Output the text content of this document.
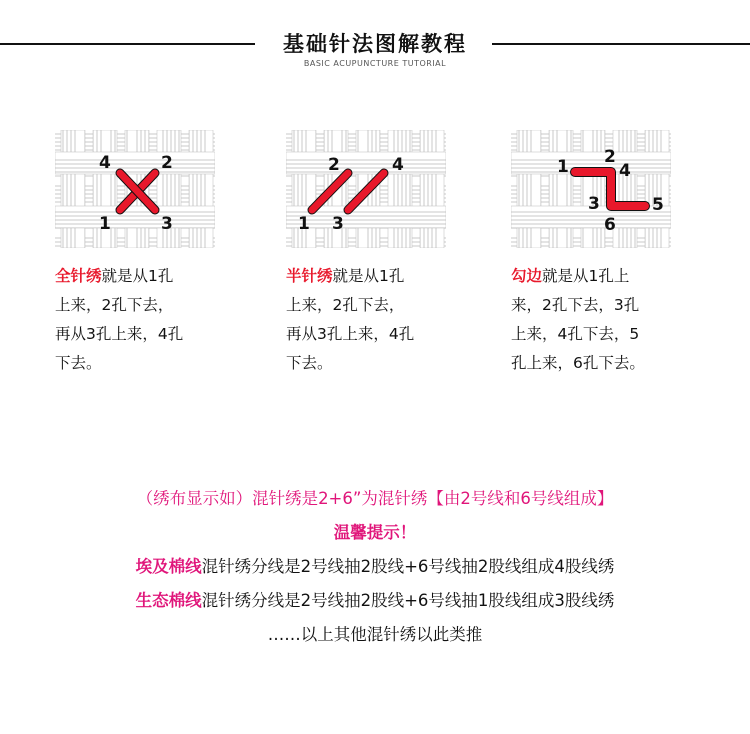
基础针法图解教程
BASIC ACUPUNCTURE TUTORIAL
4	2
1	3
全针绣就是从1孔
上来，2孔下去，
再从3孔上来，4孔
下去。
2	4
1 3
半针绣就是从1孔
上来，2孔下去，
再从3孔上来，4孔
下去。
1 2
4
3	5
6
勾边就是从1孔上
来，2孔下去，3孔
上来，4孔下去，5
孔上来，6孔下去。
（绣布显示如）混针绣是2+6”为混针绣【由2号线和6号线组成】
温馨提示！
埃及棉线混针绣分线是2号线抽2股线+6号线抽2股线组成4股线绣
生态棉线混针绣分线是2号线抽2股线+6号线抽1股线组成3股线绣
……以上其他混针绣以此类推
